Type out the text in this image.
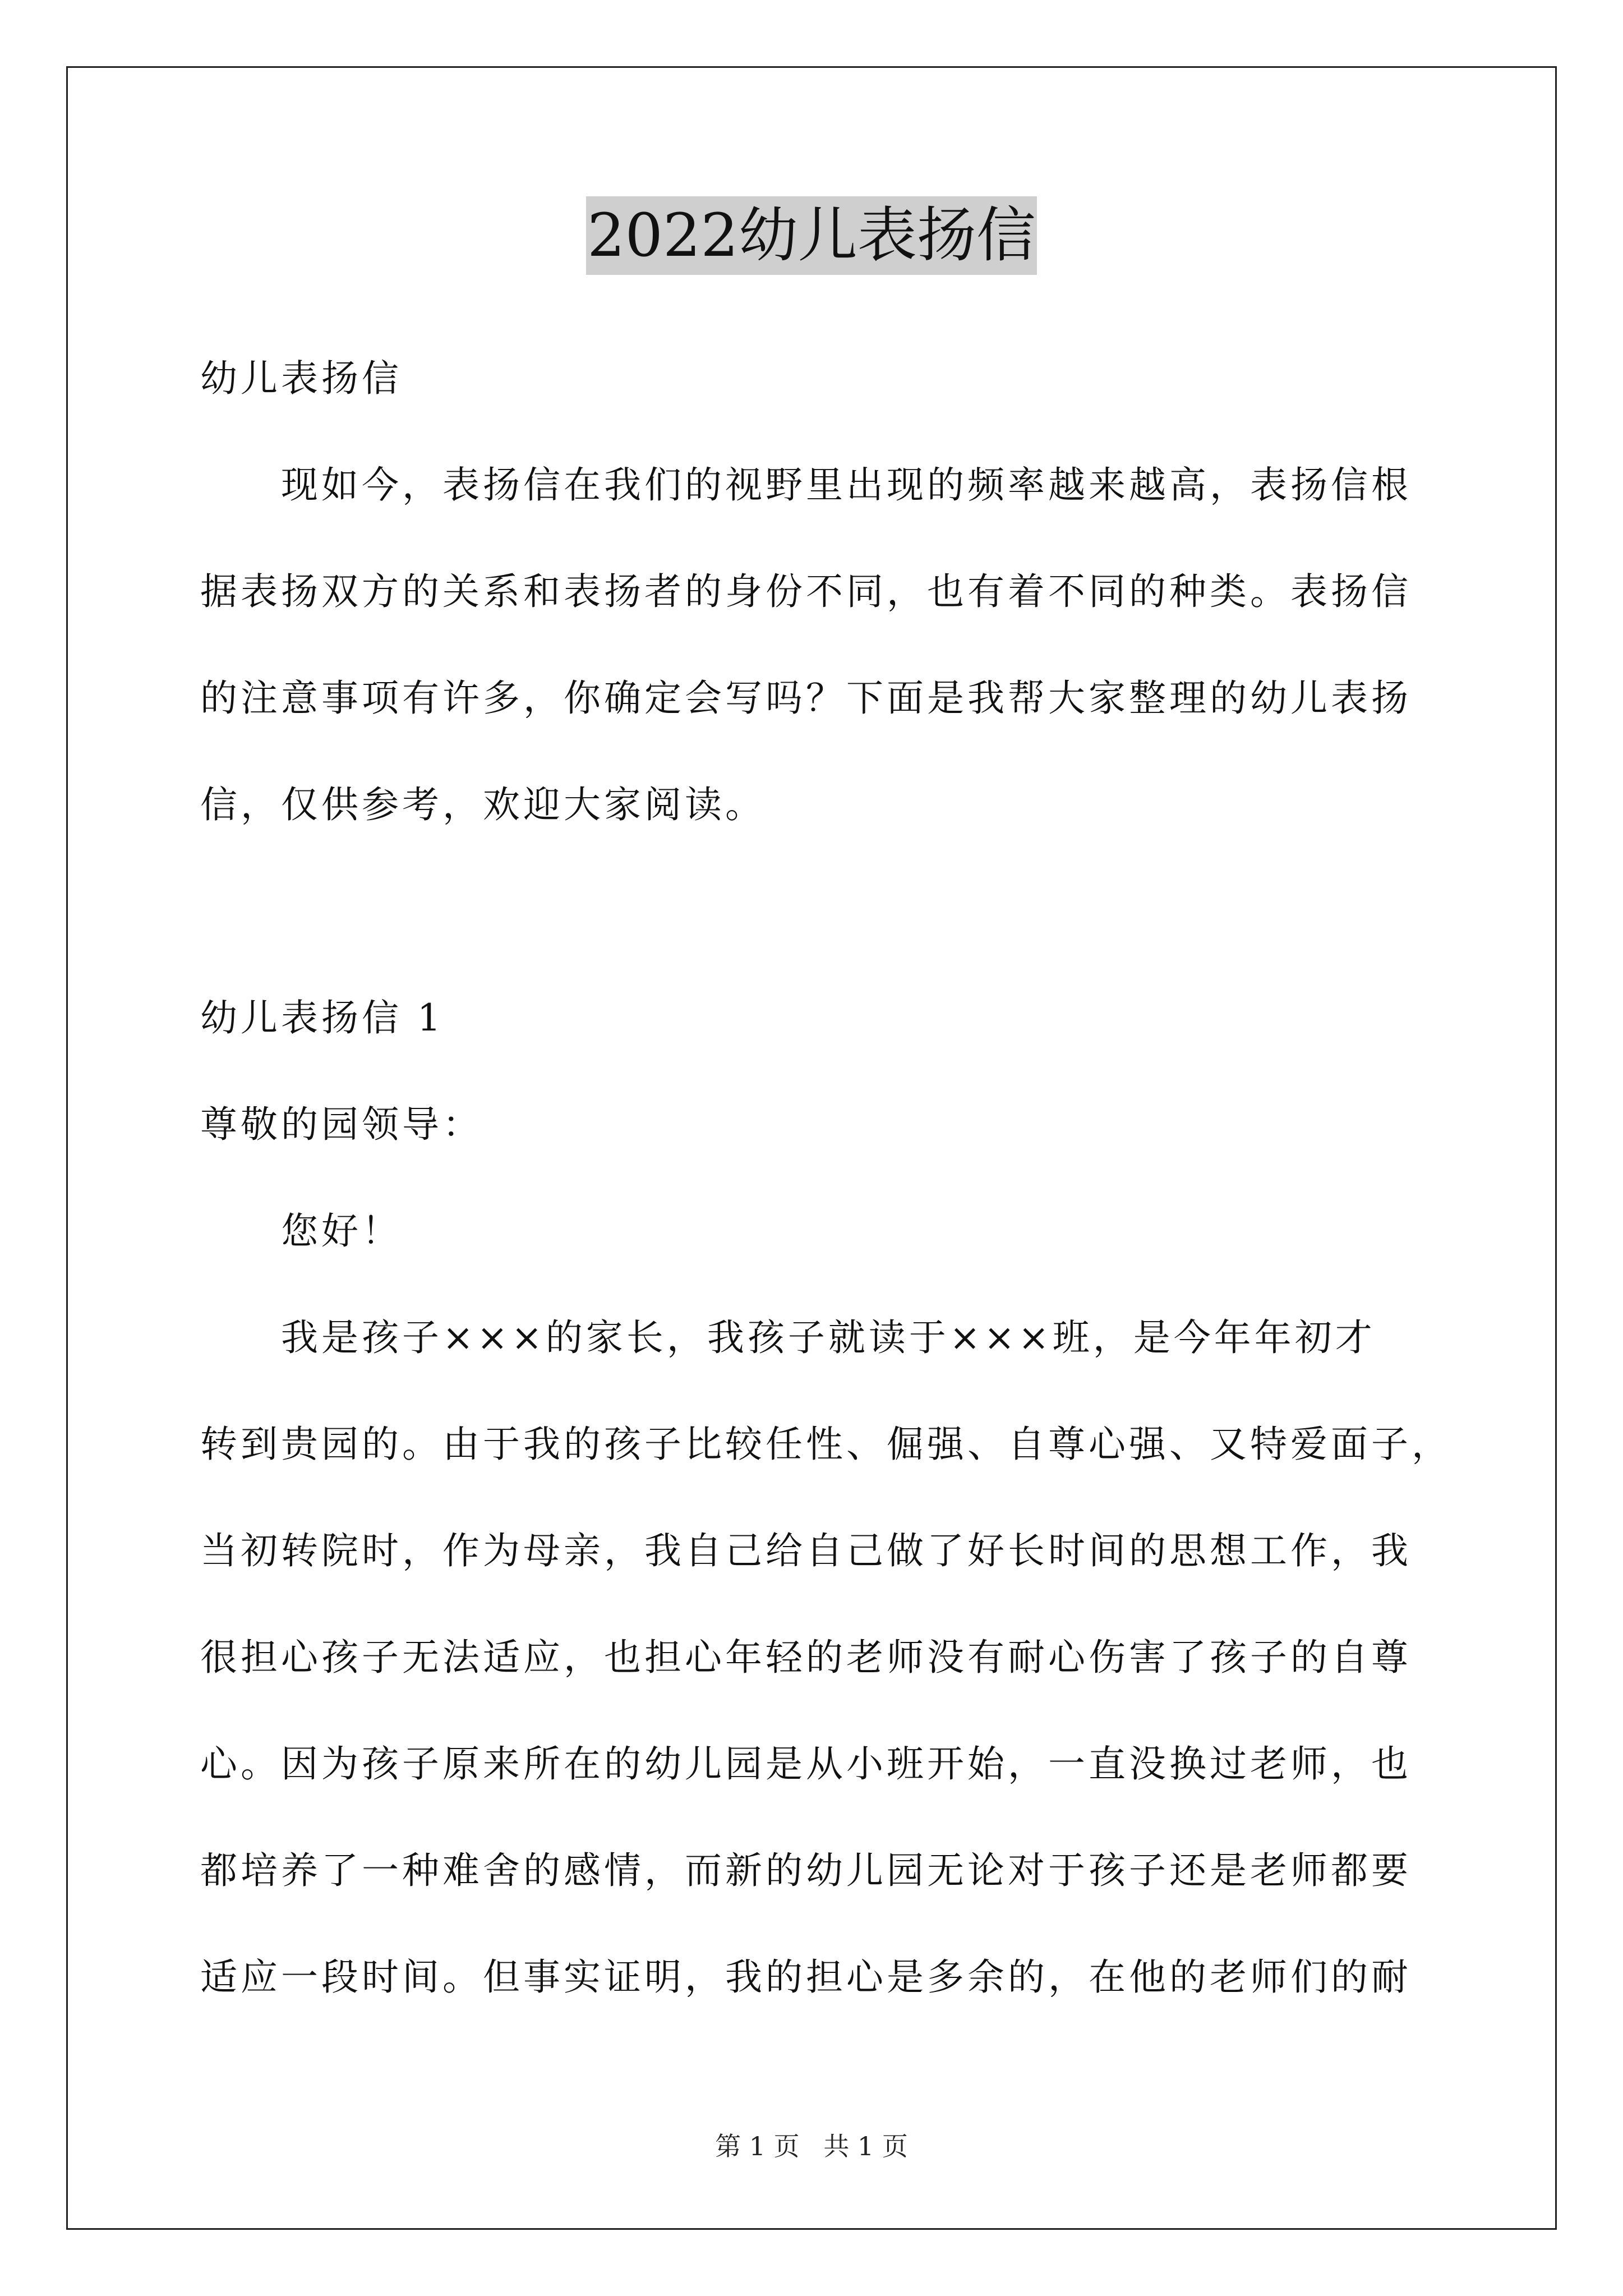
2022幼儿表扬信
幼儿表扬信
现如今，表扬信在我们的视野里出现的频率越来越高，表扬信根
据表扬双方的关系和表扬者的身份不同，也有着不同的种类。表扬信
的注意事项有许多，你确定会写吗？下面是我帮大家整理的幼儿表扬
信，仅供参考，欢迎大家阅读。
幼儿表扬信 1
尊敬的园领导：
您好！
我是孩子×××的家长，我孩子就读于×××班，是今年年初才
转到贵园的。由于我的孩子比较任性、倔强、自尊心强、又特爱面子，
当初转院时，作为母亲，我自己给自己做了好长时间的思想工作，我
很担心孩子无法适应，也担心年轻的老师没有耐心伤害了孩子的自尊
心。因为孩子原来所在的幼儿园是从小班开始，一直没换过老师，也
都培养了一种难舍的感情，而新的幼儿园无论对于孩子还是老师都要
适应一段时间。但事实证明，我的担心是多余的，在他的老师们的耐
第 1 页 共 1 页
